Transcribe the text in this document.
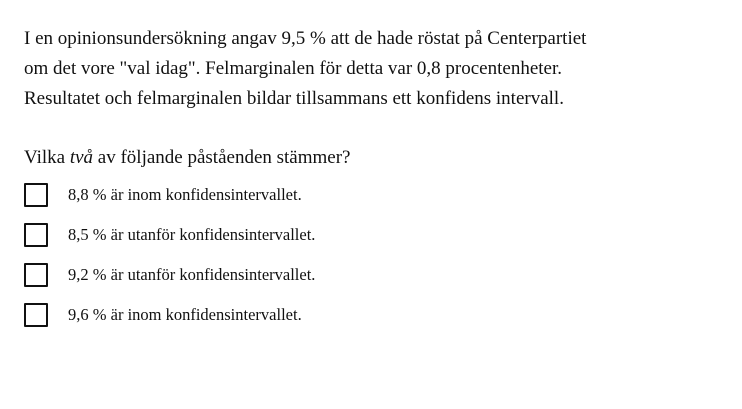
I en opinionsundersökning angav 9,5 % att de hade röstat på Centerpartiet
om det vore "val idag". Felmarginalen för detta var 0,8 procentenheter.
Resultatet och felmarginalen bildar tillsammans ett konfidens intervall.
Vilka två av följande påståenden stämmer?
8,8 % är inom konfidensintervallet.
8,5 % är utanför konfidensintervallet.
9,2 % är utanför konfidensintervallet.
9,6 % är inom konfidensintervallet.
